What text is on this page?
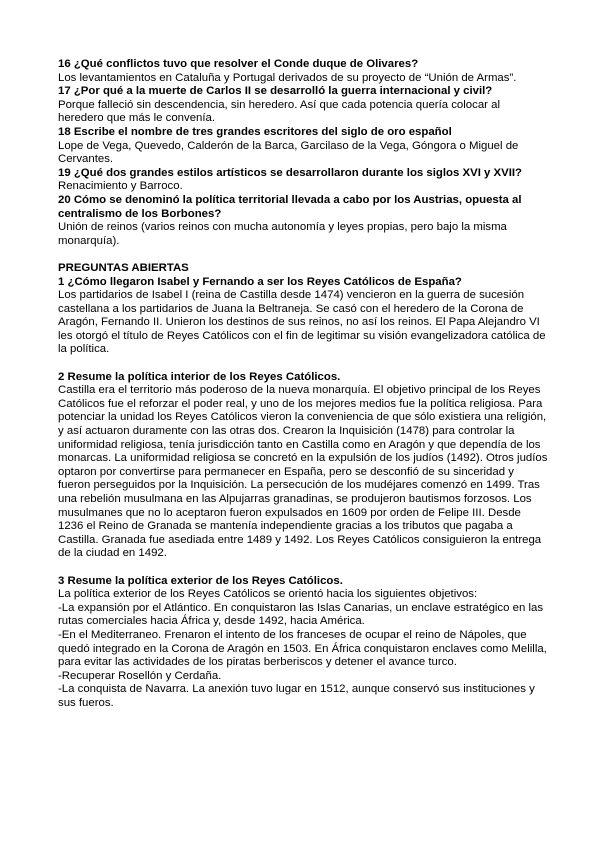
16 ¿Qué conflictos tuvo que resolver el Conde duque de Olivares?

Los levantamientos en Cataluña y Portugal derivados de su proyecto de “Unión de Armas”.

17 ¿Por qué a la muerte de Carlos II se desarrolló la guerra internacional y civil?

Porque falleció sin descendencia, sin heredero. Así que cada potencia quería colocar al heredero que más le convenía.

18 Escribe el nombre de tres grandes escritores del siglo de oro español

Lope de Vega, Quevedo, Calderón de la Barca, Garcilaso de la Vega, Góngora o Miguel de Cervantes.

19 ¿Qué dos grandes estilos artísticos se desarrollaron durante los siglos XVI y XVII?

Renacimiento y Barroco.

20 Cómo se denominó la política territorial llevada a cabo por los Austrias, opuesta al centralismo de los Borbones?

Unión de reinos (varios reinos con mucha autonomía y leyes propias, pero bajo la misma monarquía).

PREGUNTAS ABIERTAS

1 ¿Cómo llegaron Isabel y Fernando a ser los Reyes Católicos de España?

Los partidarios de Isabel I (reina de Castilla desde 1474) vencieron en la guerra de sucesión castellana a los partidarios de Juana la Beltraneja. Se casó con el heredero de la Corona de Aragón, Fernando II. Unieron los destinos de sus reinos, no así los reinos. El Papa Alejandro VI les otorgó el título de Reyes Católicos con el fin de legitimar su visión evangelizadora católica de la política.

2 Resume la política interior de los Reyes Católicos.

Castilla era el territorio más poderoso de la nueva monarquía. El objetivo principal de los Reyes Católicos fue el reforzar el poder real, y uno de los mejores medios fue la política religiosa. Para potenciar la unidad los Reyes Católicos vieron la conveniencia de que sólo existiera una religión, y así actuaron duramente con las otras dos. Crearon la Inquisición (1478) para controlar la uniformidad religiosa, tenía jurisdicción tanto en Castilla como en Aragón y que dependía de los monarcas. La uniformidad religiosa se concretó en la expulsión de los judíos (1492). Otros judíos optaron por convertirse para permanecer en España, pero se desconfió de su sinceridad y fueron perseguidos por la Inquisición. La persecución de los mudéjares comenzó en 1499. Tras una rebelión musulmana en las Alpujarras granadinas, se produjeron bautismos forzosos. Los musulmanes que no lo aceptaron fueron expulsados en 1609 por orden de Felipe III. Desde 1236 el Reino de Granada se mantenía independiente gracias a los tributos que pagaba a Castilla. Granada fue asediada entre 1489 y 1492. Los Reyes Católicos consiguieron la entrega de la ciudad en 1492.

3 Resume la política exterior de los Reyes Católicos.

La política exterior de los Reyes Católicos se orientó hacia los siguientes objetivos:

-La expansión por el Atlántico. En conquistaron las Islas Canarias, un enclave estratégico en las rutas comerciales hacia África y, desde 1492, hacia América.

-En el Mediterraneo. Frenaron el intento de los franceses de ocupar el reino de Nápoles, que quedó integrado en la Corona de Aragón en 1503. En África conquistaron enclaves como Melilla, para evitar las actividades de los piratas berberiscos y detener el avance turco.

-Recuperar Rosellón y Cerdaña.

-La conquista de Navarra. La anexión tuvo lugar en 1512, aunque conservó sus instituciones y sus fueros.
